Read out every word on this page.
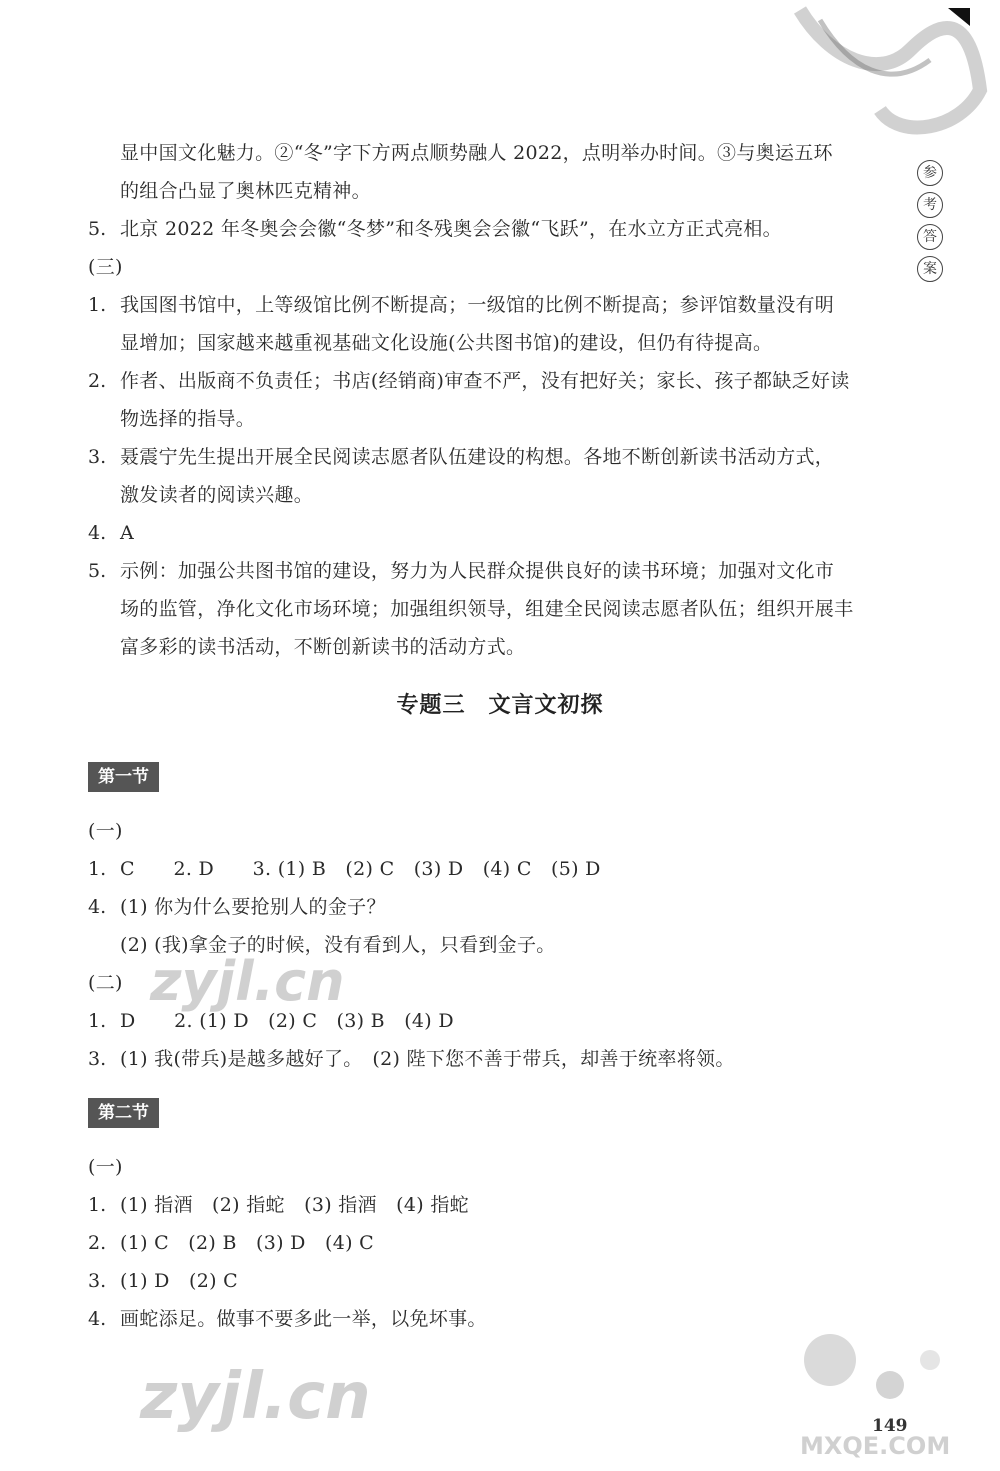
参
考
答
案
显中国文化魅力。②“冬”字下方两点顺势融人 2022，点明举办时间。③与奥运五环
的组合凸显了奥林匹克精神。
5. 北京 2022 年冬奥会会徽“冬梦”和冬残奥会会徽“飞跃”，在水立方正式亮相。
(三)
1. 我国图书馆中，上等级馆比例不断提高；一级馆的比例不断提高；参评馆数量没有明
显增加；国家越来越重视基础文化设施(公共图书馆)的建设，但仍有待提高。
2. 作者、出版商不负责任；书店(经销商)审查不严，没有把好关；家长、孩子都缺乏好读
物选择的指导。
3. 聂震宁先生提出开展全民阅读志愿者队伍建设的构想。各地不断创新读书活动方式，
激发读者的阅读兴趣。
4. A
5. 示例：加强公共图书馆的建设，努力为人民群众提供良好的读书环境；加强对文化市
场的监管，净化文化市场环境；加强组织领导，组建全民阅读志愿者队伍；组织开展丰
富多彩的读书活动，不断创新读书的活动方式。
专题三　文言文初探
第一节
(一)
1. C　　2. D　　3. (1) B　(2) C　(3) D　(4) C　(5) D
4. (1) 你为什么要抢别人的金子？
(2) (我)拿金子的时候，没有看到人，只看到金子。
(二)
1. D　　2. (1) D　(2) C　(3) B　(4) D
3. (1) 我(带兵)是越多越好了。　(2) 陛下您不善于带兵，却善于统率将领。
第二节
(一)
1. (1) 指酒　(2) 指蛇　(3) 指酒　(4) 指蛇
2. (1) C　(2) B　(3) D　(4) C
3. (1) D　(2) C
4. 画蛇添足。做事不要多此一举，以免坏事。
zyjl.cn
zyjl.cn
MXQE.COM
149
